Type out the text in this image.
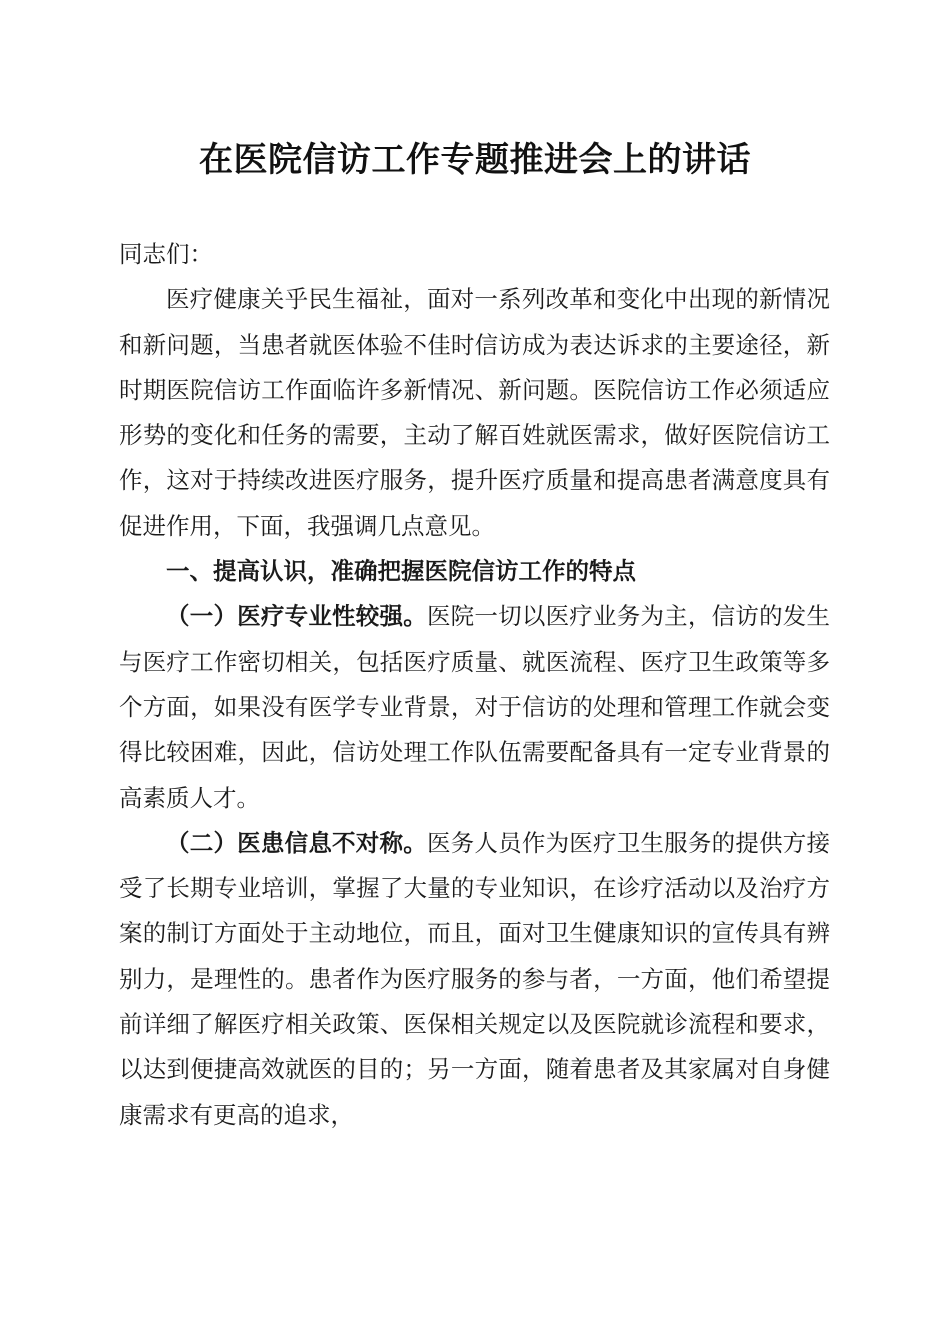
在医院信访工作专题推进会上的讲话

同志们：

医疗健康关乎民生福祉，面对一系列改革和变化中出现的新情况和新问题，当患者就医体验不佳时信访成为表达诉求的主要途径，新时期医院信访工作面临许多新情况、新问题。医院信访工作必须适应形势的变化和任务的需要，主动了解百姓就医需求，做好医院信访工作，这对于持续改进医疗服务，提升医疗质量和提高患者满意度具有促进作用，下面，我强调几点意见。

一、提高认识，准确把握医院信访工作的特点

（一）医疗专业性较强。医院一切以医疗业务为主，信访的发生与医疗工作密切相关，包括医疗质量、就医流程、医疗卫生政策等多个方面，如果没有医学专业背景，对于信访的处理和管理工作就会变得比较困难，因此，信访处理工作队伍需要配备具有一定专业背景的高素质人才。

（二）医患信息不对称。医务人员作为医疗卫生服务的提供方接受了长期专业培训，掌握了大量的专业知识，在诊疗活动以及治疗方案的制订方面处于主动地位，而且，面对卫生健康知识的宣传具有辨别力，是理性的。患者作为医疗服务的参与者，一方面，他们希望提前详细了解医疗相关政策、医保相关规定以及医院就诊流程和要求，以达到便捷高效就医的目的；另一方面，随着患者及其家属对自身健康需求有更高的追求，
